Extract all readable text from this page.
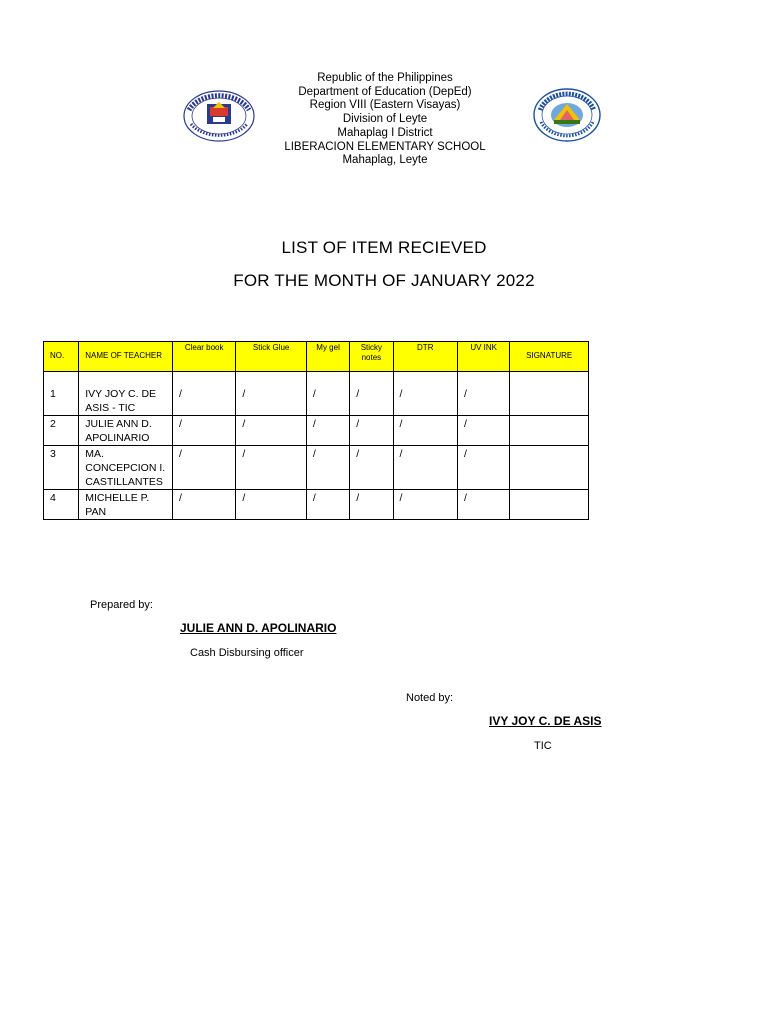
Republic of the Philippines
Department of Education (DepEd)
Region VIII (Eastern Visayas)
Division of Leyte
Mahaplag I District
LIBERACION ELEMENTARY SCHOOL
Mahaplag, Leyte
LIST OF ITEM RECIEVED
FOR THE MONTH OF JANUARY 2022
NO.	NAME OF TEACHER	Clear book	Stick Glue	My gel	Sticky notes	DTR	UV INK	SIGNATURE

1	IVY JOY C. DE ASIS - TIC	/	/	/	/	/	/	
2	JULIE ANN D. APOLINARIO	/	/	/	/	/	/	
3	MA. CONCEPCION I. CASTILLANTES	/	/	/	/	/	/	
4	MICHELLE P. PAN	/	/	/	/	/	/	
Prepared by:
JULIE ANN D. APOLINARIO
Cash Disbursing officer
Noted by:
IVY JOY C. DE ASIS
TIC
